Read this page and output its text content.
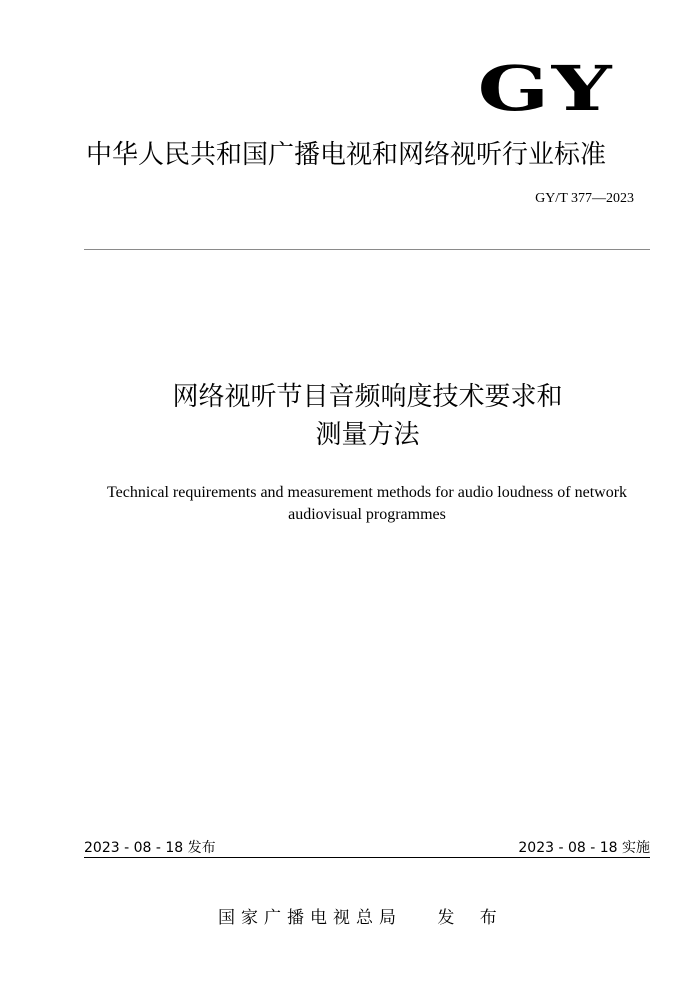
GY
中华人民共和国广播电视和网络视听行业标准
GY/T 377—2023
网络视听节目音频响度技术要求和
测量方法
Technical requirements and measurement methods for audio loudness of network
audiovisual programmes
2023 - 08 - 18 发布	2023 - 08 - 18 实施
国家广播电视总局 发 布
